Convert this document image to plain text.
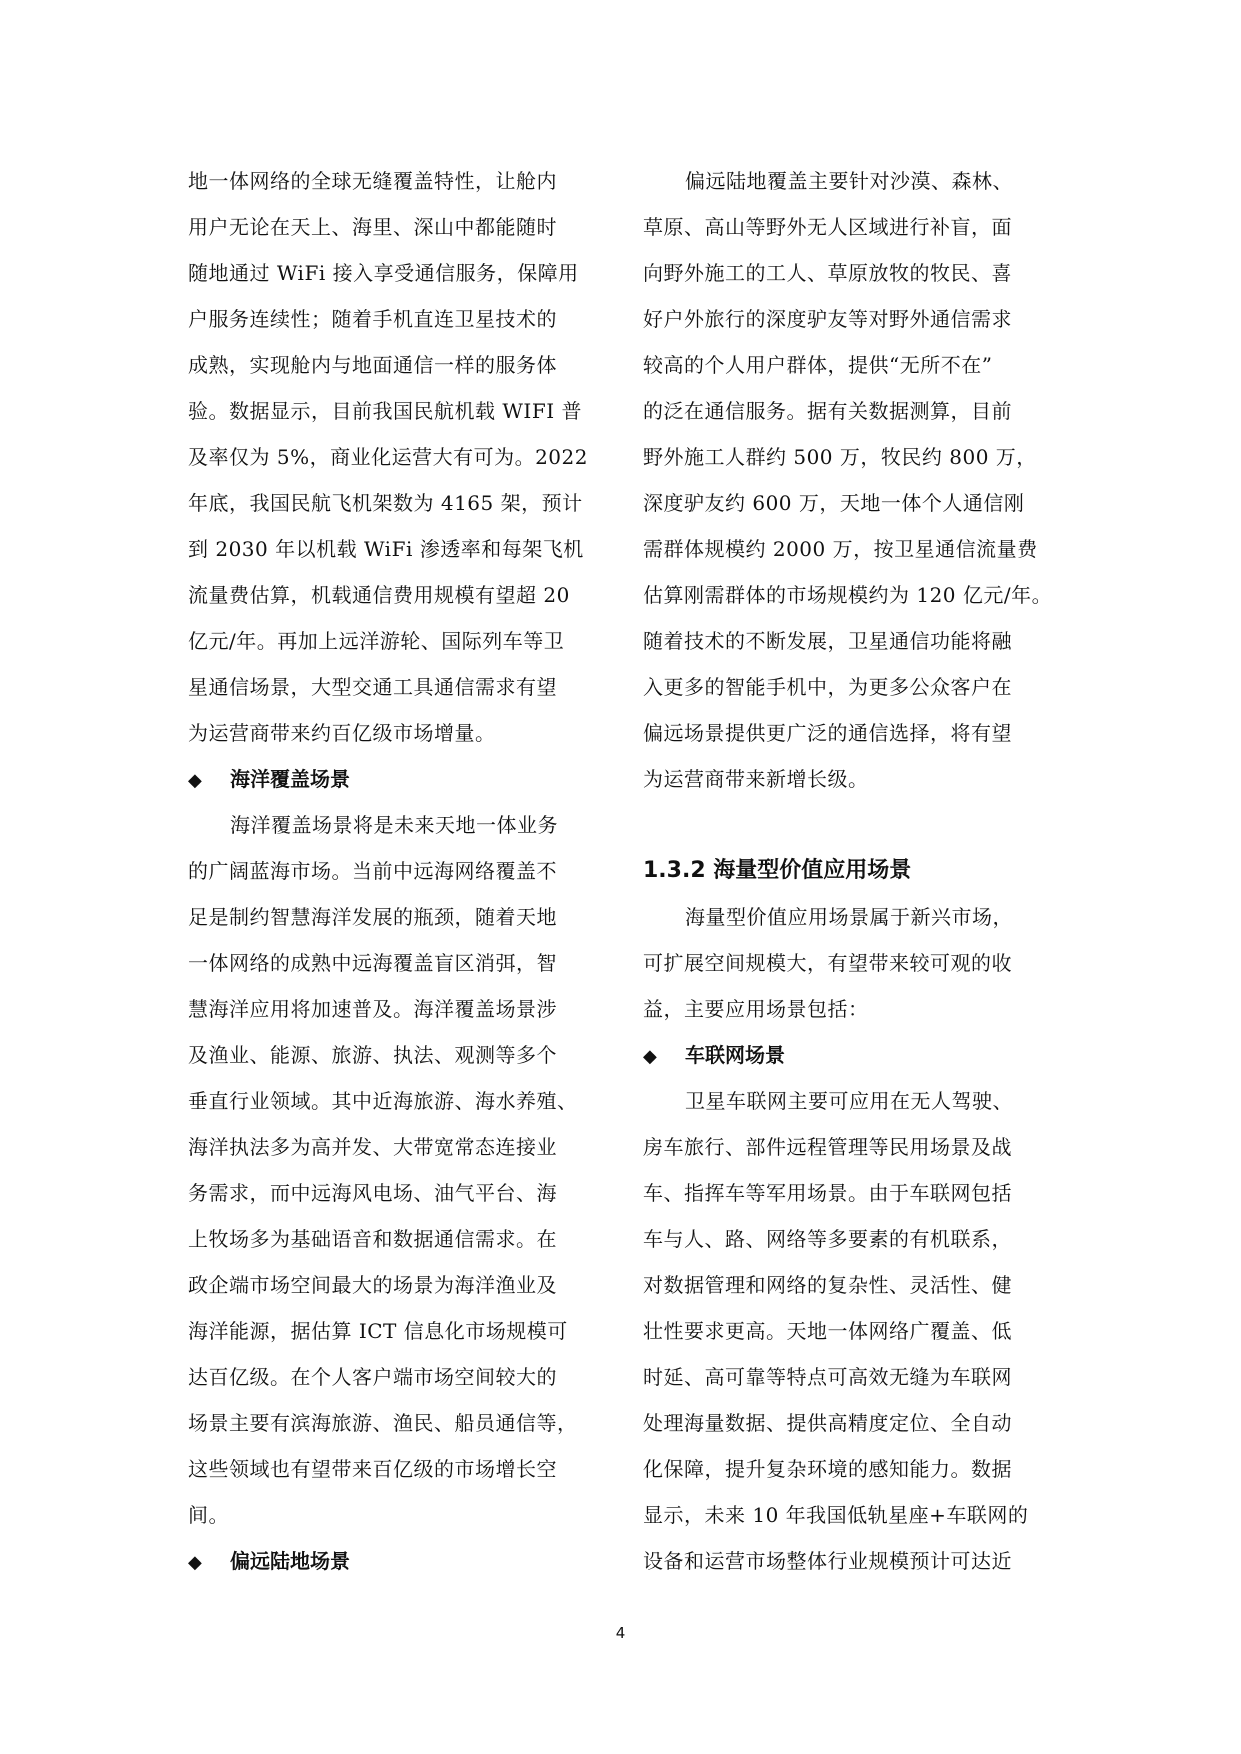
地一体网络的全球无缝覆盖特性，让舱内
用户无论在天上、海里、深山中都能随时
随地通过 WiFi 接入享受通信服务，保障用
户服务连续性；随着手机直连卫星技术的
成熟，实现舱内与地面通信一样的服务体
验。数据显示，目前我国民航机载 WIFI 普
及率仅为 5%，商业化运营大有可为。2022
年底，我国民航飞机架数为 4165 架，预计
到 2030 年以机载 WiFi 渗透率和每架飞机
流量费估算，机载通信费用规模有望超 20
亿元/年。再加上远洋游轮、国际列车等卫
星通信场景，大型交通工具通信需求有望
为运营商带来约百亿级市场增量。
◆ 海洋覆盖场景
海洋覆盖场景将是未来天地一体业务
的广阔蓝海市场。当前中远海网络覆盖不
足是制约智慧海洋发展的瓶颈，随着天地
一体网络的成熟中远海覆盖盲区消弭，智
慧海洋应用将加速普及。海洋覆盖场景涉
及渔业、能源、旅游、执法、观测等多个
垂直行业领域。其中近海旅游、海水养殖、
海洋执法多为高并发、大带宽常态连接业
务需求，而中远海风电场、油气平台、海
上牧场多为基础语音和数据通信需求。在
政企端市场空间最大的场景为海洋渔业及
海洋能源，据估算 ICT 信息化市场规模可
达百亿级。在个人客户端市场空间较大的
场景主要有滨海旅游、渔民、船员通信等，
这些领域也有望带来百亿级的市场增长空
间。
◆ 偏远陆地场景
偏远陆地覆盖主要针对沙漠、森林、
草原、高山等野外无人区域进行补盲，面
向野外施工的工人、草原放牧的牧民、喜
好户外旅行的深度驴友等对野外通信需求
较高的个人用户群体，提供“无所不在”
的泛在通信服务。据有关数据测算，目前
野外施工人群约 500 万，牧民约 800 万，
深度驴友约 600 万，天地一体个人通信刚
需群体规模约 2000 万，按卫星通信流量费
估算刚需群体的市场规模约为 120 亿元/年。
随着技术的不断发展，卫星通信功能将融
入更多的智能手机中，为更多公众客户在
偏远场景提供更广泛的通信选择，将有望
为运营商带来新增长级。
1.3.2 海量型价值应用场景
海量型价值应用场景属于新兴市场，
可扩展空间规模大，有望带来较可观的收
益，主要应用场景包括：
◆ 车联网场景
卫星车联网主要可应用在无人驾驶、
房车旅行、部件远程管理等民用场景及战
车、指挥车等军用场景。由于车联网包括
车与人、路、网络等多要素的有机联系，
对数据管理和网络的复杂性、灵活性、健
壮性要求更高。天地一体网络广覆盖、低
时延、高可靠等特点可高效无缝为车联网
处理海量数据、提供高精度定位、全自动
化保障，提升复杂环境的感知能力。数据
显示，未来 10 年我国低轨星座+车联网的
设备和运营市场整体行业规模预计可达近
4
